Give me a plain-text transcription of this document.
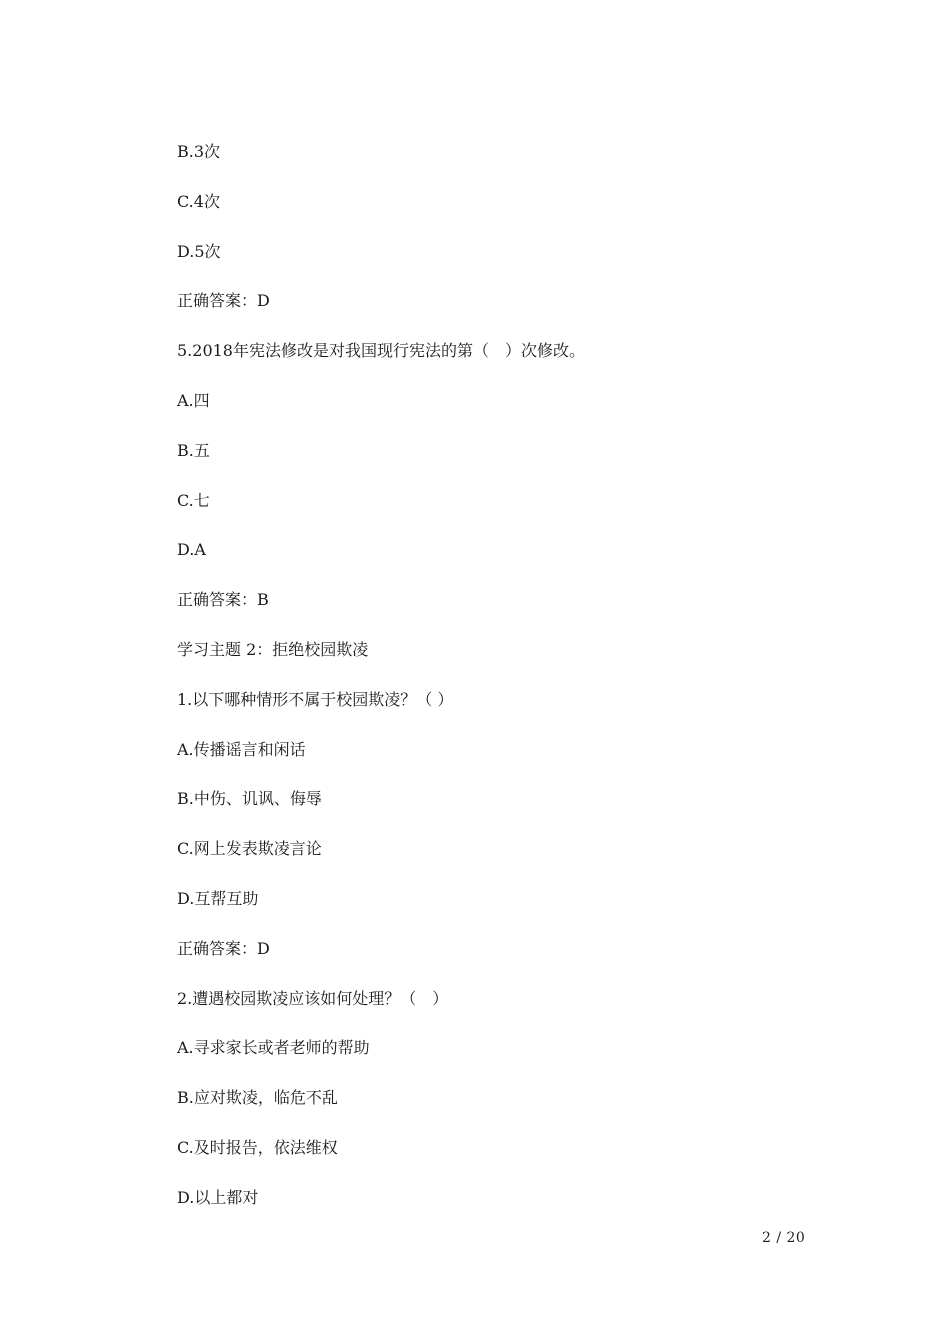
B.3次
C.4次
D.5次
正确答案：D
5.2018年宪法修改是对我国现行宪法的第（　）次修改。
A.四
B.五
C.七
D.A
正确答案：B
学习主题 2：拒绝校园欺凌
1.以下哪种情形不属于校园欺凌？（ ）
A.传播谣言和闲话
B.中伤、讥讽、侮辱
C.网上发表欺凌言论
D.互帮互助
正确答案：D
2.遭遇校园欺凌应该如何处理？（　）
A.寻求家长或者老师的帮助
B.应对欺凌，临危不乱
C.及时报告，依法维权
D.以上都对
2 / 20
